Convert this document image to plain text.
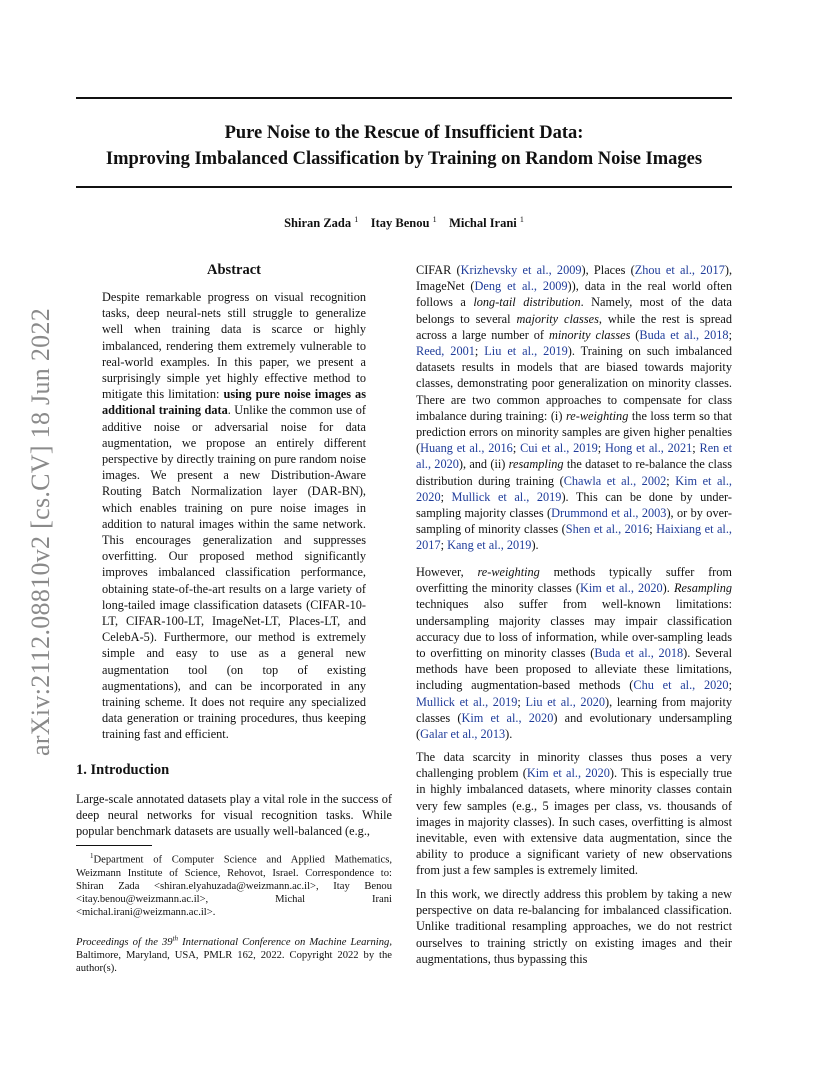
Pure Noise to the Rescue of Insufficient Data:
Improving Imbalanced Classification by Training on Random Noise Images
Shiran Zada $^1$ Itay Benou $^1$ Michal Irani $^1$
arXiv:2112.08810v2 [cs.CV] 18 Jun 2022
Abstract
Despite remarkable progress on visual recognition tasks, deep neural-nets still struggle to generalize well when training data is scarce or highly imbalanced, rendering them extremely vulnerable to real-world examples. In this paper, we present a surprisingly simple yet highly effective method to mitigate this limitation: using pure noise images as additional training data. Unlike the common use of additive noise or adversarial noise for data augmentation, we propose an entirely different perspective by directly training on pure random noise images. We present a new Distribution-Aware Routing Batch Normalization layer (DAR-BN), which enables training on pure noise images in addition to natural images within the same network. This encourages generalization and suppresses overfitting. Our proposed method significantly improves imbalanced classification performance, obtaining state-of-the-art results on a large variety of long-tailed image classification datasets (CIFAR-10-LT, CIFAR-100-LT, ImageNet-LT, Places-LT, and CelebA-5). Furthermore, our method is extremely simple and easy to use as a general new augmentation tool (on top of existing augmentations), and can be incorporated in any training scheme. It does not require any specialized data generation or training procedures, thus keeping training fast and efficient.
1. Introduction
Large-scale annotated datasets play a vital role in the success of deep neural networks for visual recognition tasks. While popular benchmark datasets are usually well-balanced (e.g.,
$^1$Department of Computer Science and Applied Mathematics, Weizmann Institute of Science, Rehovot, Israel. Correspondence to: Shiran Zada <shiran.elyahuzada@weizmann.ac.il>, Itay Benou <itay.benou@weizmann.ac.il>, Michal Irani <michal.irani@weizmann.ac.il>.
Proceedings of the 39th International Conference on Machine Learning, Baltimore, Maryland, USA, PMLR 162, 2022. Copyright 2022 by the author(s).
CIFAR (Krizhevsky et al., 2009), Places (Zhou et al., 2017), ImageNet (Deng et al., 2009)), data in the real world often follows a long-tail distribution. Namely, most of the data belongs to several majority classes, while the rest is spread across a large number of minority classes (Buda et al., 2018; Reed, 2001; Liu et al., 2019). Training on such imbalanced datasets results in models that are biased towards majority classes, demonstrating poor generalization on minority classes. There are two common approaches to compensate for class imbalance during training: (i) re-weighting the loss term so that prediction errors on minority samples are given higher penalties (Huang et al., 2016; Cui et al., 2019; Hong et al., 2021; Ren et al., 2020), and (ii) resampling the dataset to re-balance the class distribution during training (Chawla et al., 2002; Kim et al., 2020; Mullick et al., 2019). This can be done by under-sampling majority classes (Drummond et al., 2003), or by over-sampling of minority classes (Shen et al., 2016; Haixiang et al., 2017; Kang et al., 2019).
However, re-weighting methods typically suffer from overfitting the minority classes (Kim et al., 2020). Resampling techniques also suffer from well-known limitations: undersampling majority classes may impair classification accuracy due to loss of information, while over-sampling leads to overfitting on minority classes (Buda et al., 2018). Several methods have been proposed to alleviate these limitations, including augmentation-based methods (Chu et al., 2020; Mullick et al., 2019; Liu et al., 2020), learning from majority classes (Kim et al., 2020) and evolutionary undersampling (Galar et al., 2013).
The data scarcity in minority classes thus poses a very challenging problem (Kim et al., 2020). This is especially true in highly imbalanced datasets, where minority classes contain very few samples (e.g., 5 images per class, vs. thousands of images in majority classes). In such cases, overfitting is almost inevitable, even with extensive data augmentation, since the ability to produce a significant variety of new observations from just a few samples is extremely limited.
In this work, we directly address this problem by taking a new perspective on data re-balancing for imbalanced classification. Unlike traditional resampling approaches, we do not restrict ourselves to training strictly on existing images and their augmentations, thus bypassing this
